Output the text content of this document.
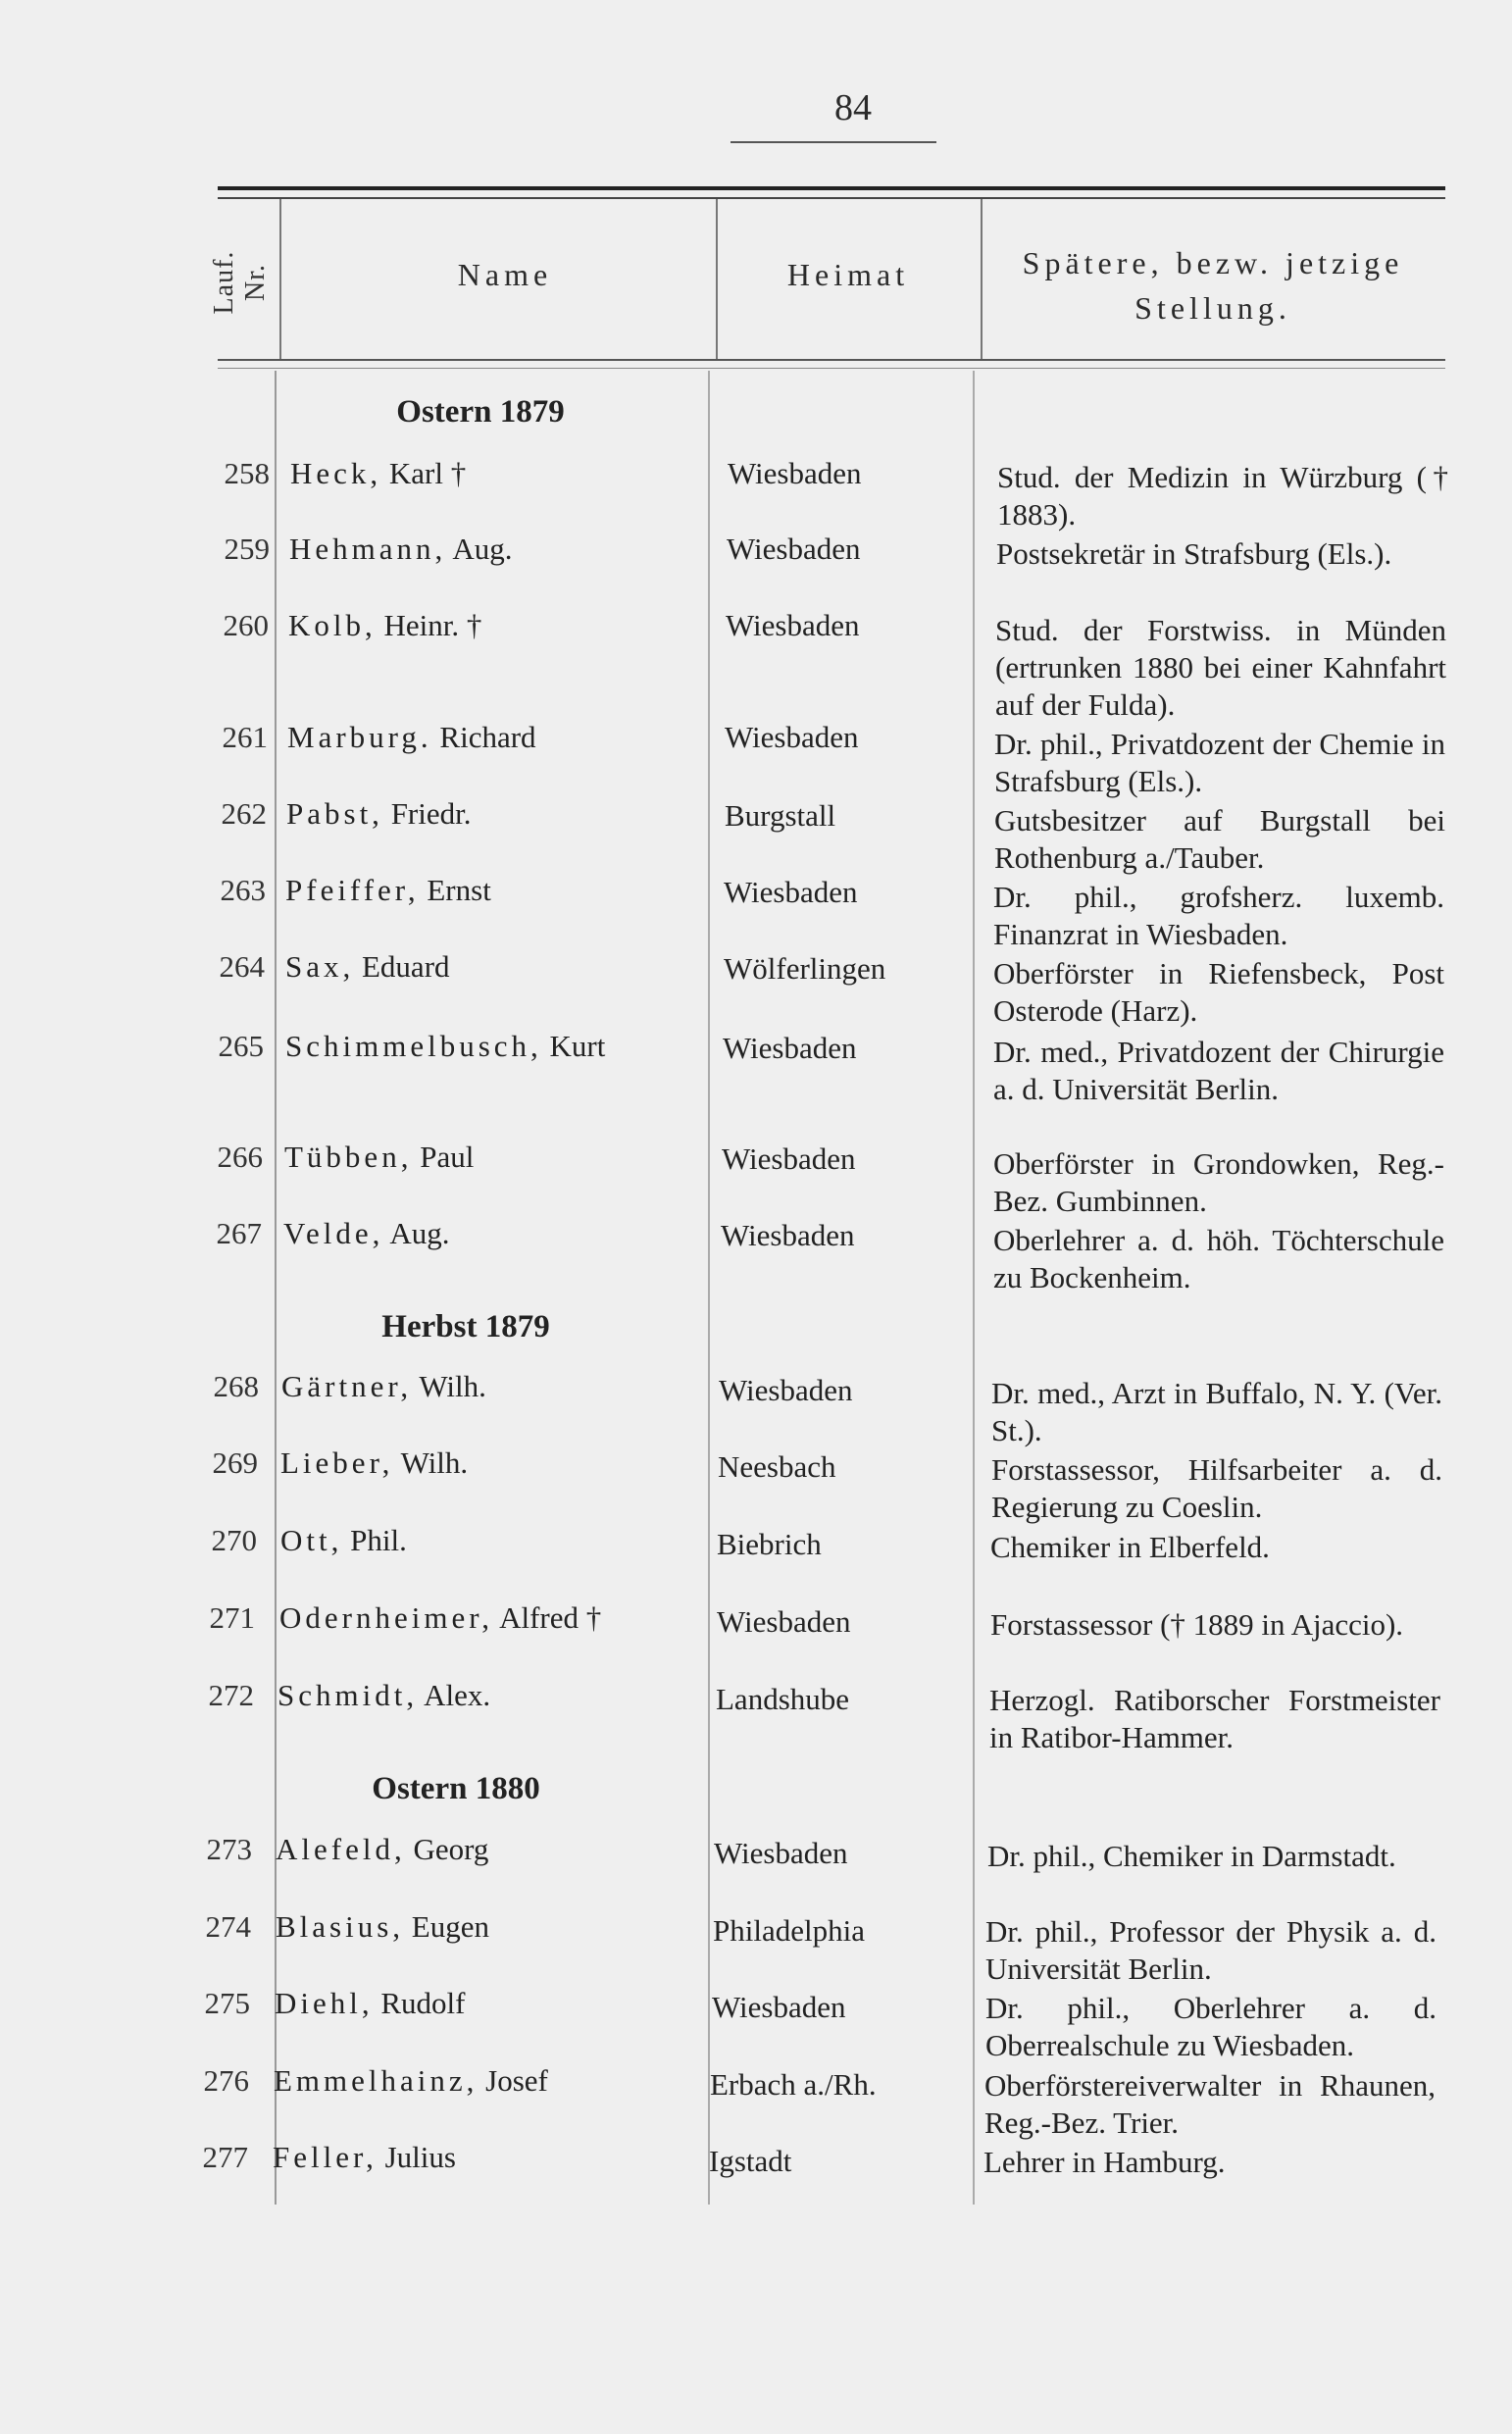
84
Lauf. Nr.	Name	Heimat	Spätere, bezw. jetzige
Stellung.
Ostern 1879
Herbst 1879
Ostern 1880
258 Heck, Karl †	Wiesbaden	Stud. der Medizin in Würzburg († 1883).
259 Hehmann, Aug.	Wiesbaden	Postsekretär in Strafsburg (Els.).
260 Kolb, Heinr. †	Wiesbaden	Stud. der Forstwiss. in Münden (ertrunken 1880 bei einer Kahnfahrt auf der Fulda).
261 Marburg. Richard	Wiesbaden	Dr. phil., Privatdozent der Chemie in Strafsburg (Els.).
262 Pabst, Friedr.	Burgstall	Gutsbesitzer auf Burgstall bei Rothenburg a./Tauber.
263 Pfeiffer, Ernst	Wiesbaden	Dr. phil., grofsherz. luxemb. Finanzrat in Wiesbaden.
264 Sax, Eduard	Wölferlingen	Oberförster in Riefensbeck, Post Osterode (Harz).
265 Schimmelbusch, Kurt	Wiesbaden	Dr. med., Privatdozent der Chirurgie a. d. Universität Berlin.
266 Tübben, Paul	Wiesbaden	Oberförster in Grondowken, Reg.-Bez. Gumbinnen.
267 Velde, Aug.	Wiesbaden	Oberlehrer a. d. höh. Töchterschule zu Bockenheim.
268 Gärtner, Wilh.	Wiesbaden	Dr. med., Arzt in Buffalo, N. Y. (Ver. St.).
269 Lieber, Wilh.	Neesbach	Forstassessor, Hilfsarbeiter a. d. Regierung zu Coeslin.
270 Ott, Phil.	Biebrich	Chemiker in Elberfeld.
271 Odernheimer, Alfred †	Wiesbaden	Forstassessor († 1889 in Ajaccio).
272 Schmidt, Alex.	Landshube	Herzogl. Ratiborscher Forstmeister in Ratibor-Hammer.
273 Alefeld, Georg	Wiesbaden	Dr. phil., Chemiker in Darmstadt.
274 Blasius, Eugen	Philadelphia	Dr. phil., Professor der Physik a. d. Universität Berlin.
275 Diehl, Rudolf	Wiesbaden	Dr. phil., Oberlehrer a. d. Oberrealschule zu Wiesbaden.
276 Emmelhainz, Josef	Erbach a./Rh.	Oberförstereiverwalter in Rhaunen, Reg.-Bez. Trier.
277 Feller, Julius	Igstadt	Lehrer in Hamburg.
